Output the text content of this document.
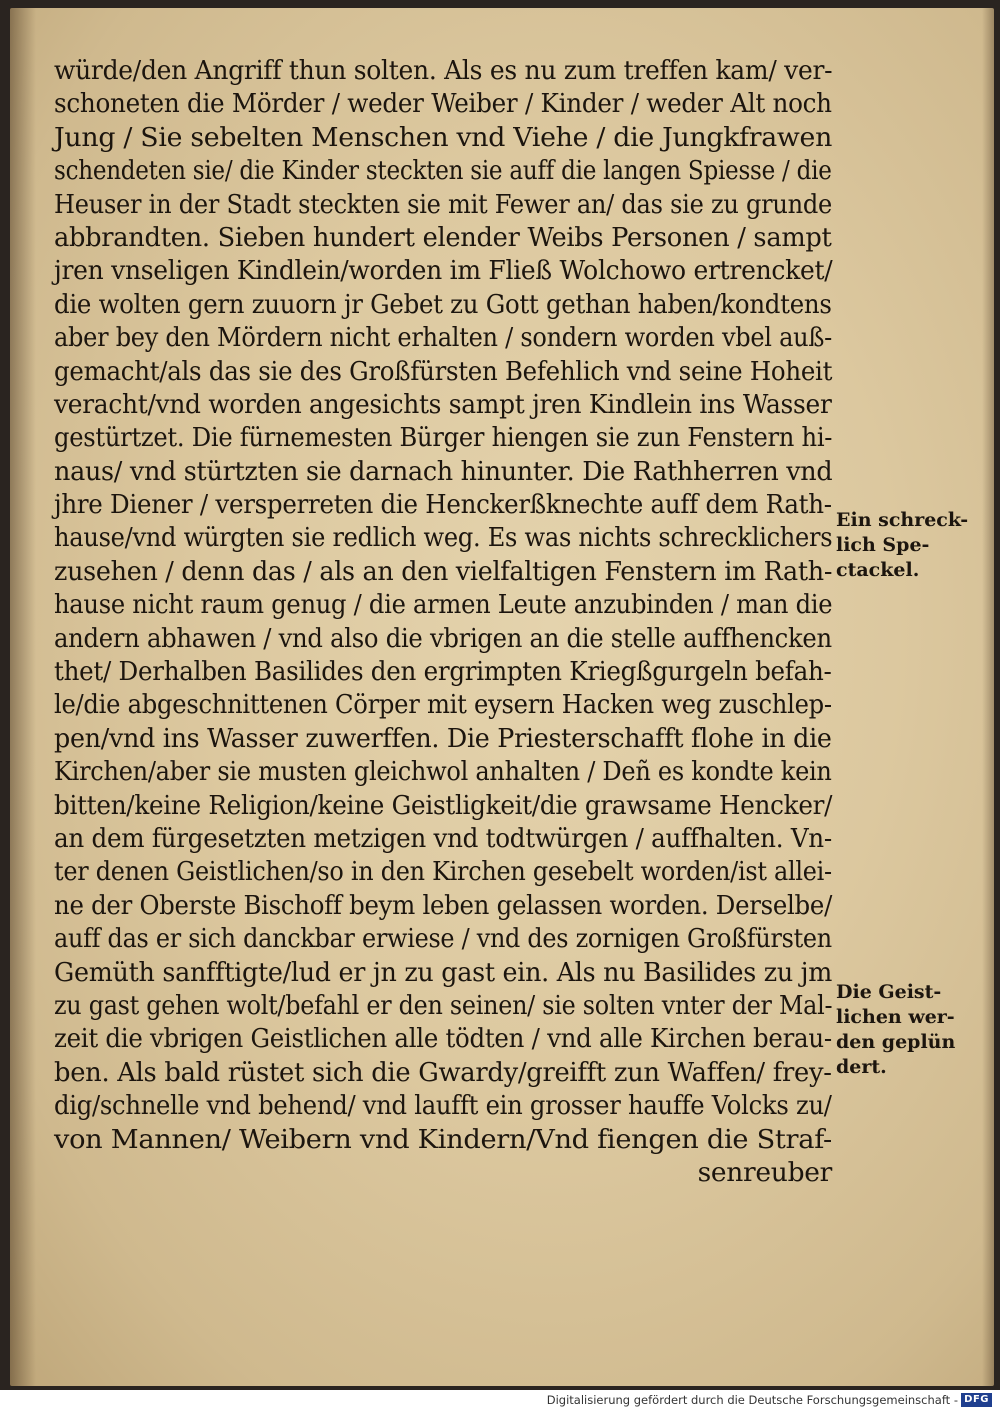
würde/den Angriff thun solten. Als es nu zum treffen kam/ ver-
schoneten die Mörder / weder Weiber / Kinder / weder Alt noch
Jung / Sie sebelten Menschen vnd Viehe / die Jungkfrawen
schendeten sie/ die Kinder steckten sie auff die langen Spiesse / die
Heuser in der Stadt steckten sie mit Fewer an/ das sie zu grunde
abbrandten. Sieben hundert elender Weibs Personen / sampt
jren vnseligen Kindlein/worden im Fließ Wolchowo ertrencket/
die wolten gern zuuorn jr Gebet zu Gott gethan haben/kondtens
aber bey den Mördern nicht erhalten / sondern worden vbel auß-
gemacht/als das sie des Großfürsten Befehlich vnd seine Hoheit
veracht/vnd worden angesichts sampt jren Kindlein ins Wasser
gestürtzet. Die fürnemesten Bürger hiengen sie zun Fenstern hi-
naus/ vnd stürtzten sie darnach hinunter. Die Rathherren vnd
jhre Diener / versperreten die Henckerßknechte auff dem Rath-
hause/vnd würgten sie redlich weg. Es was nichts schrecklichers
zusehen / denn das / als an den vielfaltigen Fenstern im Rath-
hause nicht raum genug / die armen Leute anzubinden / man die
andern abhawen / vnd also die vbrigen an die stelle auffhencken
thet/ Derhalben Basilides den ergrimpten Kriegßgurgeln befah-
le/die abgeschnittenen Cörper mit eysern Hacken weg zuschlep-
pen/vnd ins Wasser zuwerffen. Die Priesterschafft flohe in die
Kirchen/aber sie musten gleichwol anhalten / Deñ es kondte kein
bitten/keine Religion/keine Geistligkeit/die grawsame Hencker/
an dem fürgesetzten metzigen vnd todtwürgen / auffhalten. Vn-
ter denen Geistlichen/so in den Kirchen gesebelt worden/ist allei-
ne der Oberste Bischoff beym leben gelassen worden. Derselbe/
auff das er sich danckbar erwiese / vnd des zornigen Großfürsten
Gemüth sanfftigte/lud er jn zu gast ein. Als nu Basilides zu jm
zu gast gehen wolt/befahl er den seinen/ sie solten vnter der Mal-
zeit die vbrigen Geistlichen alle tödten / vnd alle Kirchen berau-
ben. Als bald rüstet sich die Gwardy/greifft zun Waffen/ frey-
dig/schnelle vnd behend/ vnd laufft ein grosser hauffe Volcks zu/
von Mannen/ Weibern vnd Kindern/Vnd fiengen die Straf-
senreuber
Ein schreck-
lich Spe-
ctackel.
Die Geist-
lichen wer-
den geplün
dert.
Digitalisierung gefördert durch die Deutsche Forschungsgemeinschaft - DFG
